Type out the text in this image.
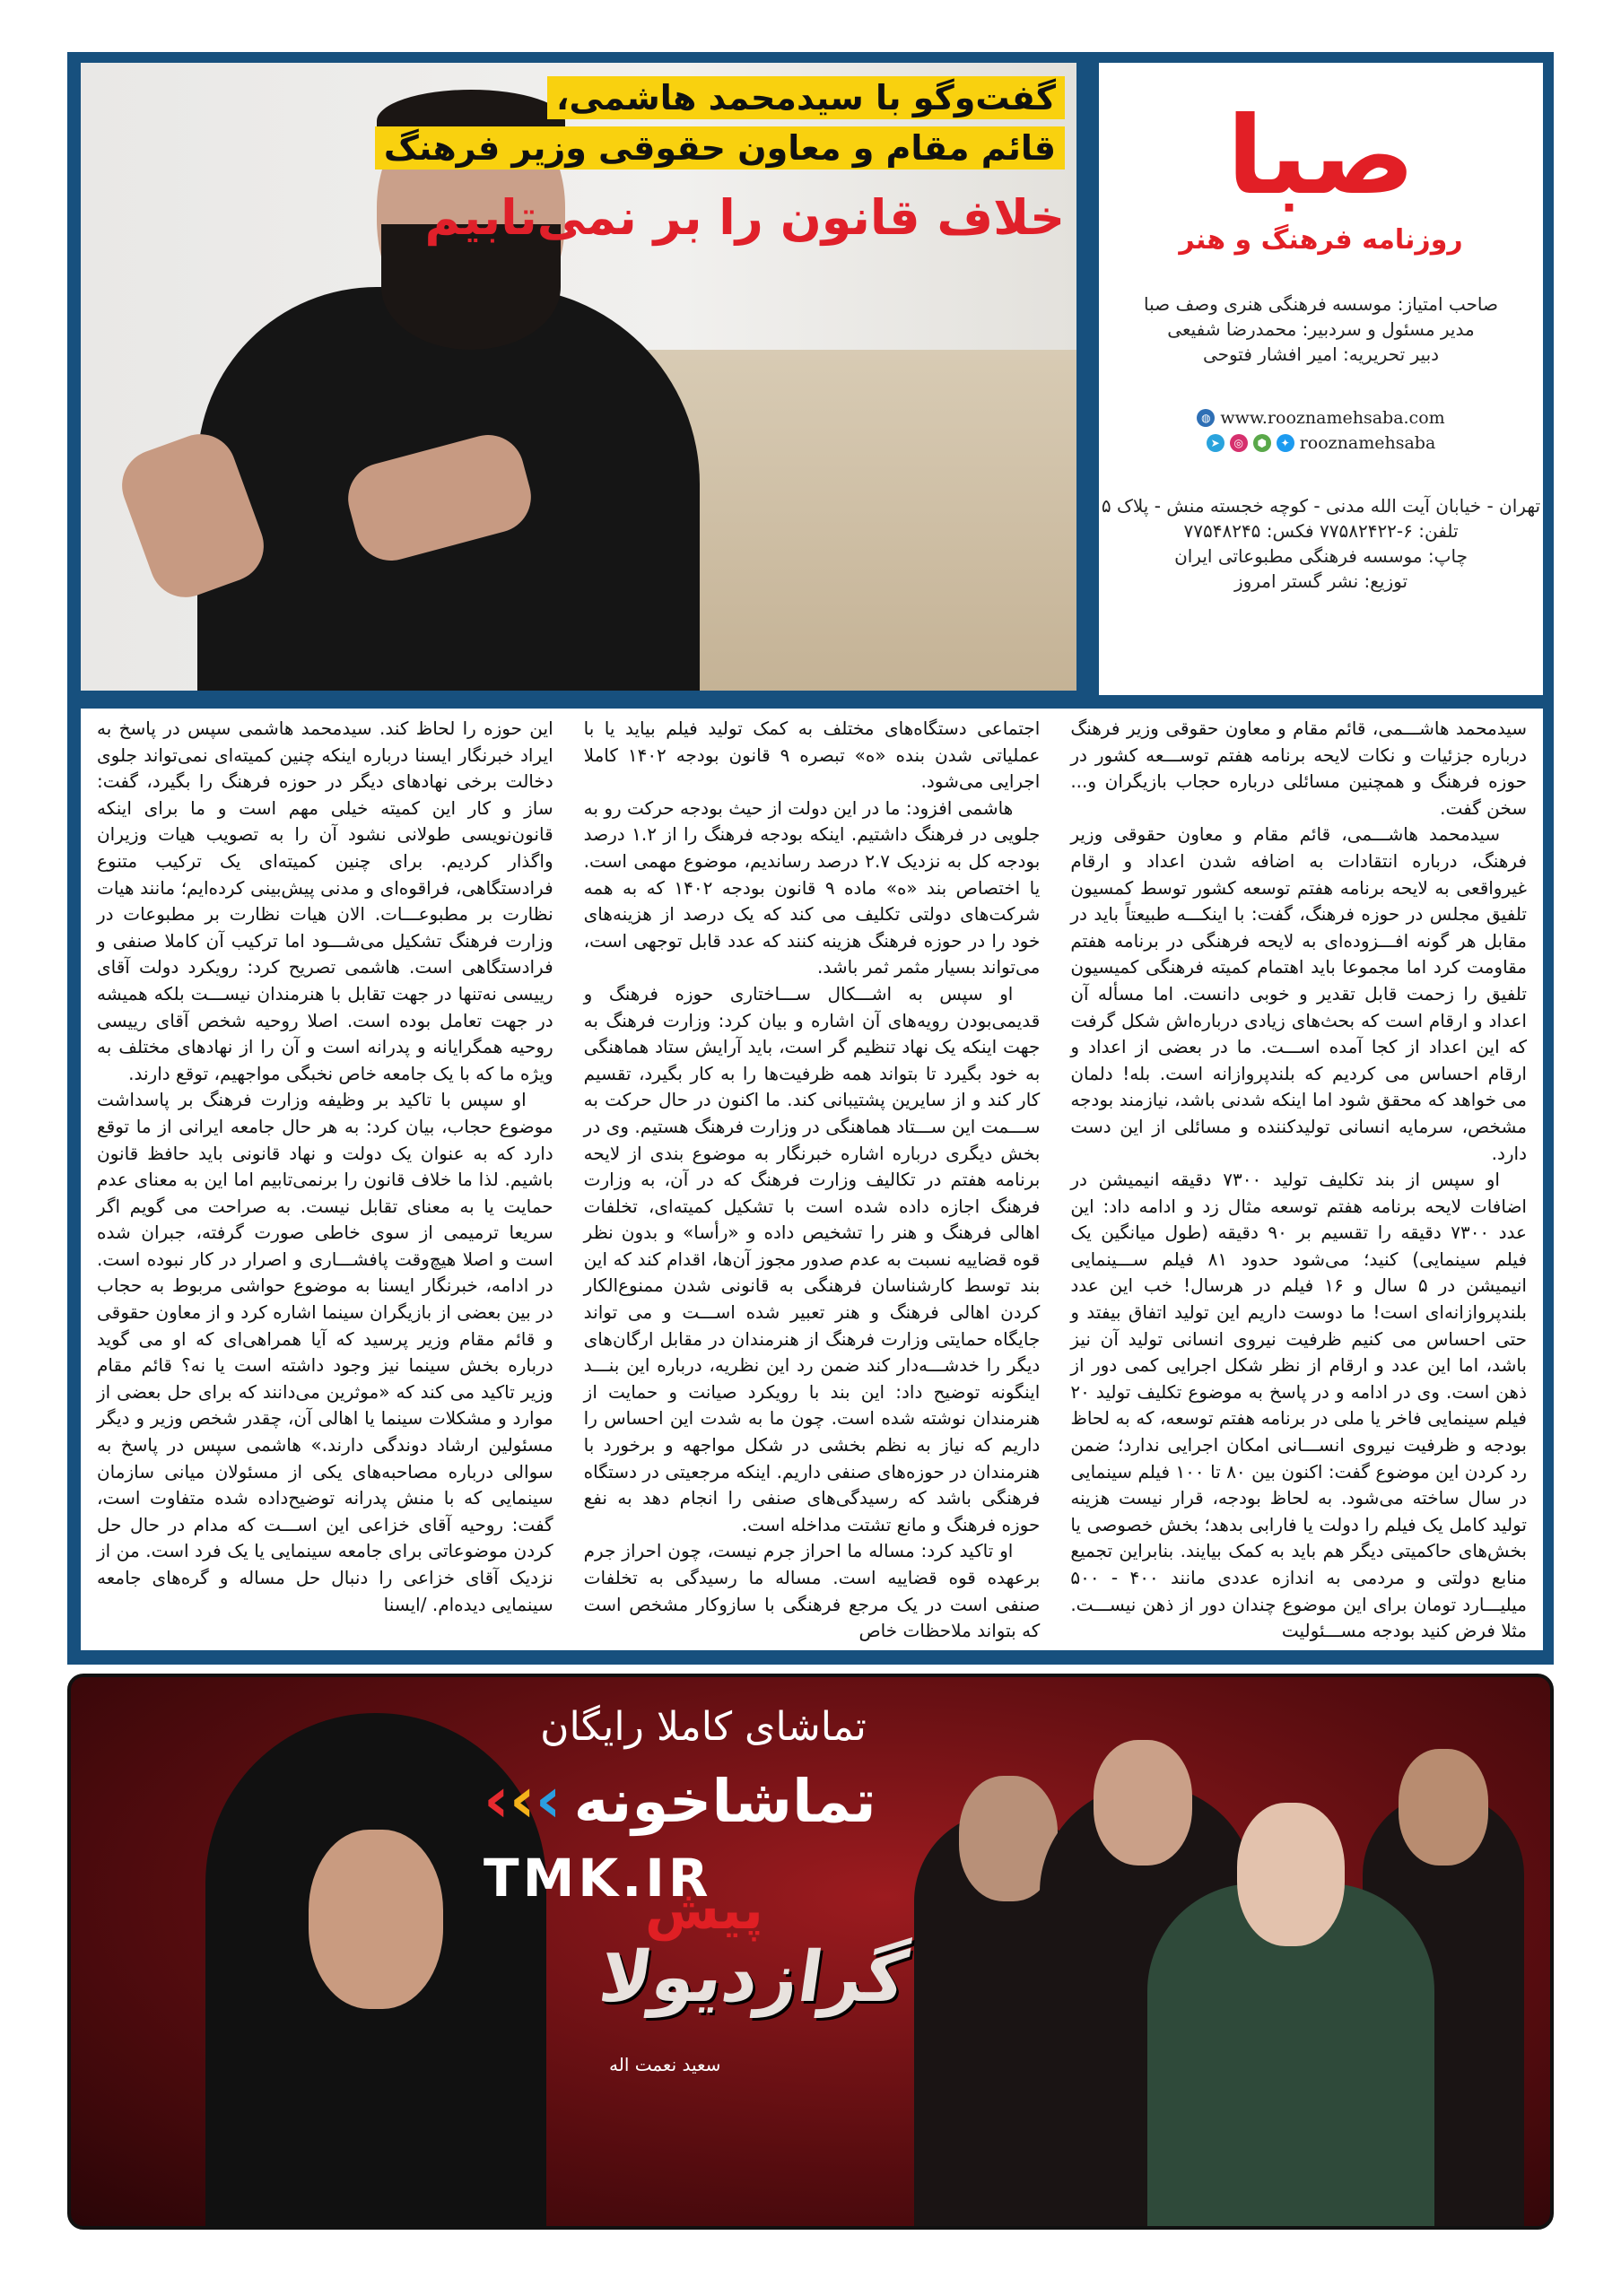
گفت‌وگو با سیدمحمد هاشمی،
قائم مقام و معاون حقوقی وزیر فرهنگ
خلاف قانون را بر نمی‌تابیم	صبا
روزنامه فرهنگ و هنر
صاحب امتیاز: موسسه فرهنگی هنری وصف صبا
مدیر مسئول و سردبیر: محمدرضا شفیعی
دبیر تحریریه: امیر افشار فتوحی
◍ www.rooznamehsaba.com
➤	◎	⬢	✦ rooznamehsaba
تهران - خیابان آیت الله مدنی - کوچه خجسته منش - پلاک ۵
تلفن: ۶-۷۷۵۸۲۴۲۲ فکس: ۷۷۵۴۸۲۴۵
چاپ: موسسه فرهنگی مطبوعاتی ایران
توزیع: نشر گستر امروز

سیدمحمد هاشـــمی، قائم مقام و معاون حقوقی وزیر فرهنگ درباره جزئیات و نکات لایحه برنامه هفتم توســـعه کشور در حوزه فرهنگ و همچنین مسائلی درباره حجاب بازیگران و... سخن گفت.

سیدمحمد هاشـــمی، قائم مقام و معاون حقوقی وزیر فرهنگ، درباره انتقادات به اضافه شدن اعداد و ارقام غیرواقعی به لایحه برنامه هفتم توسعه کشور توسط کمسیون تلفیق مجلس در حوزه فرهنگ، گفت: با اینکـــه طبیعتاً باید در مقابل هر گونه افـــزوده‌ای به لایحه فرهنگی در برنامه هفتم مقاومت کرد اما مجموعا باید اهتمام کمیته فرهنگی کمیسیون تلفیق را زحمت قابل تقدیر و خوبی دانست. اما مسأله آن اعداد و ارقام است که بحث‌های زیادی درباره‌اش شکل گرفت که این اعداد از کجا آمده اســـت. ما در بعضی از اعداد و ارقام احساس می کردیم که بلندپروازانه است. بله! دلمان می خواهد که محقق شود اما اینکه شدنی باشد، نیازمند بودجه مشخص، سرمایه انسانی تولیدکننده و مسائلی از این دست دارد.

او سپس از بند تکلیف تولید ۷۳۰۰ دقیقه انیمیشن در اضافات لایحه برنامه هفتم توسعه مثال زد و ادامه داد: این عدد ۷۳۰۰ دقیقه را تقسیم بر ۹۰ دقیقه (طول میانگین یک فیلم سینمایی) کنید؛ می‌شود حدود ۸۱ فیلم ســـینمایی انیمیشن در ۵ سال و ۱۶ فیلم در هرسال! خب این عدد بلندپروازانه‌ای است! ما دوست داریم این تولید اتفاق بیفتد و حتی احساس می کنیم ظرفیت نیروی انسانی تولید آن نیز باشد، اما این عدد و ارقام از نظر شکل اجرایی کمی دور از ذهن است. وی در ادامه و در پاسخ به موضوع تکلیف تولید ۲۰ فیلم سینمایی فاخر یا ملی در برنامه هفتم توسعه، که به لحاظ بودجه و ظرفیت نیروی انســـانی امکان اجرایی ندارد؛ ضمن رد کردن این موضوع گفت: اکنون بین ۸۰ تا ۱۰۰ فیلم سینمایی در سال ساخته می‌شود. به لحاظ بودجه، قرار نیست هزینه تولید کامل یک فیلم را دولت یا فارابی بدهد؛ بخش خصوصی یا بخش‌های حاکمیتی دیگر هم باید به کمک بیایند. بنابراین تجمیع منابع دولتی و مردمی به اندازه عددی مانند ۴۰۰ - ۵۰۰ میلیـــارد تومان برای این موضوع چندان دور از ذهن نیســـت. مثلا فرض کنید بودجه مســـئولیت

اجتماعی دستگاه‌های مختلف به کمک تولید فیلم بیاید یا با عملیاتی شدن بنده «ه» تبصره ۹ قانون بودجه ۱۴۰۲ کاملا اجرایی می‌شود.

هاشمی افزود: ما در این دولت از حیث بودجه حرکت رو به جلویی در فرهنگ داشتیم. اینکه بودجه فرهنگ را از ۱.۲ درصد بودجه کل به نزدیک ۲.۷ درصد رساندیم، موضوع مهمی است. یا اختصاص بند «ه» ماده ۹ قانون بودجه ۱۴۰۲ که به همه شرکت‌های دولتی تکلیف می کند که یک درصد از هزینه‌های خود را در حوزه فرهنگ هزینه کنند که عدد قابل توجهی است، می‌تواند بسیار مثمر ثمر باشد.

او سپس به اشـــکال ســـاختاری حوزه فرهنگ و قدیمی‌بودن رویه‌های آن اشاره و بیان کرد: وزارت فرهنگ به جهت اینکه یک نهاد تنظیم گر است، باید آرایش ستاد هماهنگی به خود بگیرد تا بتواند همه ظرفیت‌ها را به کار بگیرد، تقسیم کار کند و از سایرین پشتیبانی کند. ما اکنون در حال حرکت به ســـمت این ســـتاد هماهنگی در وزارت فرهنگ هستیم. وی در بخش دیگری درباره اشاره خبرنگار به موضوع بندی از لایحه برنامه هفتم در تکالیف وزارت فرهنگ که در آن، به وزارت فرهنگ اجازه داده شده است با تشکیل کمیته‌ای، تخلفات اهالی فرهنگ و هنر را تشخیص داده و «رأسا» و بدون نظر قوه قضاییه نسبت به عدم صدور مجوز آن‌ها، اقدام کند که این بند توسط کارشناسان فرهنگی به قانونی شدن ممنوع‌الکار کردن اهالی فرهنگ و هنر تعبیر شده اســـت و می تواند جایگاه حمایتی وزارت فرهنگ از هنرمندان در مقابل ارگان‌های دیگر را خدشـــه‌دار کند ضمن رد این نظریه، درباره این بنـــد اینگونه توضیح داد: این بند با رویکرد صیانت و حمایت از هنرمندان نوشته شده است. چون ما به شدت این احساس را داریم که نیاز به نظم بخشی در شکل مواجهه و برخورد با هنرمندان در حوزه‌های صنفی داریم. اینکه مرجعیتی در دستگاه فرهنگی باشد که رسیدگی‌های صنفی را انجام دهد به نفع حوزه فرهنگ و مانع تشتت مداخله است.

او تاکید کرد: مساله ما احراز جرم نیست، چون احراز جرم برعهده قوه قضاییه است. مساله ما رسیدگی به تخلفات صنفی است در یک مرجع فرهنگی با سازوکار مشخص است که بتواند ملاحظات خاص

این حوزه را لحاظ کند. سیدمحمد هاشمی سپس در پاسخ به ایراد خبرنگار ایسنا درباره اینکه چنین کمیته‌ای نمی‌تواند جلوی دخالت برخی نهادهای دیگر در حوزه فرهنگ را بگیرد، گفت: ساز و کار این کمیته خیلی مهم است و ما برای اینکه قانون‌نویسی طولانی نشود آن را به تصویب هیات وزیران واگذار کردیم. برای چنین کمیته‌ای یک ترکیب متنوع فرادستگاهی، فراقوه‌ای و مدنی پیش‌بینی کرده‌ایم؛ مانند هیات نظارت بر مطبوعـــات. الان هیات نظارت بر مطبوعات در وزارت فرهنگ تشکیل می‌شـــود اما ترکیب آن کاملا صنفی و فرادستگاهی است. هاشمی تصریح کرد: رویکرد دولت آقای رییسی نه‌تنها در جهت تقابل با هنرمندان نیســـت بلکه همیشه در جهت تعامل بوده است. اصلا روحیه شخص آقای رییسی روحیه همگرایانه و پدرانه است و آن را از نهادهای مختلف به ویژه ما که با یک جامعه خاص نخبگی مواجهیم، توقع دارند.

او سپس با تاکید بر وظیفه وزارت فرهنگ بر پاسداشت موضوع حجاب، بیان کرد: به هر حال جامعه ایرانی از ما توقع دارد که به عنوان یک دولت و نهاد قانونی باید حافظ قانون باشیم. لذا ما خلاف قانون را برنمی‌تابیم اما این به معنای عدم حمایت یا به معنای تقابل نیست. به صراحت می گویم اگر سریعا ترمیمی از سوی خاطی صورت گرفته، جبران شده است و اصلا هیچ‌وقت پافشـــاری و اصرار در کار نبوده است. در ادامه، خبرنگار ایسنا به موضوع حواشی مربوط به حجاب در بین بعضی از بازیگران سینما اشاره کرد و از معاون حقوقی و قائم مقام وزیر پرسید که آیا همراهی‌ای که او می گوید درباره بخش سینما نیز وجود داشته است یا نه؟ قائم مقام وزیر تاکید می کند که «موثرین می‌دانند که برای حل بعضی از موارد و مشکلات سینما یا اهالی آن، چقدر شخص وزیر و دیگر مسئولین ارشاد دوندگی دارند.» هاشمی سپس در پاسخ به سوالی درباره مصاحبه‌های یکی از مسئولان میانی سازمان سینمایی که با منش پدرانه توضیح‌داده شده متفاوت است، گفت: روحیه آقای خزاعی این اســـت که مدام در حال حل کردن موضوعاتی برای جامعه سینمایی یا یک فرد است. من از نزدیک آقای خزاعی را دنبال حل مساله و گره‌های جامعه سینمایی دیده‌ام. /ایسنا

تماشای کاملا رایگان
تماشاخونه
›››
TMK.IR
پیش
گرازدیولا
سعید نعمت اله
